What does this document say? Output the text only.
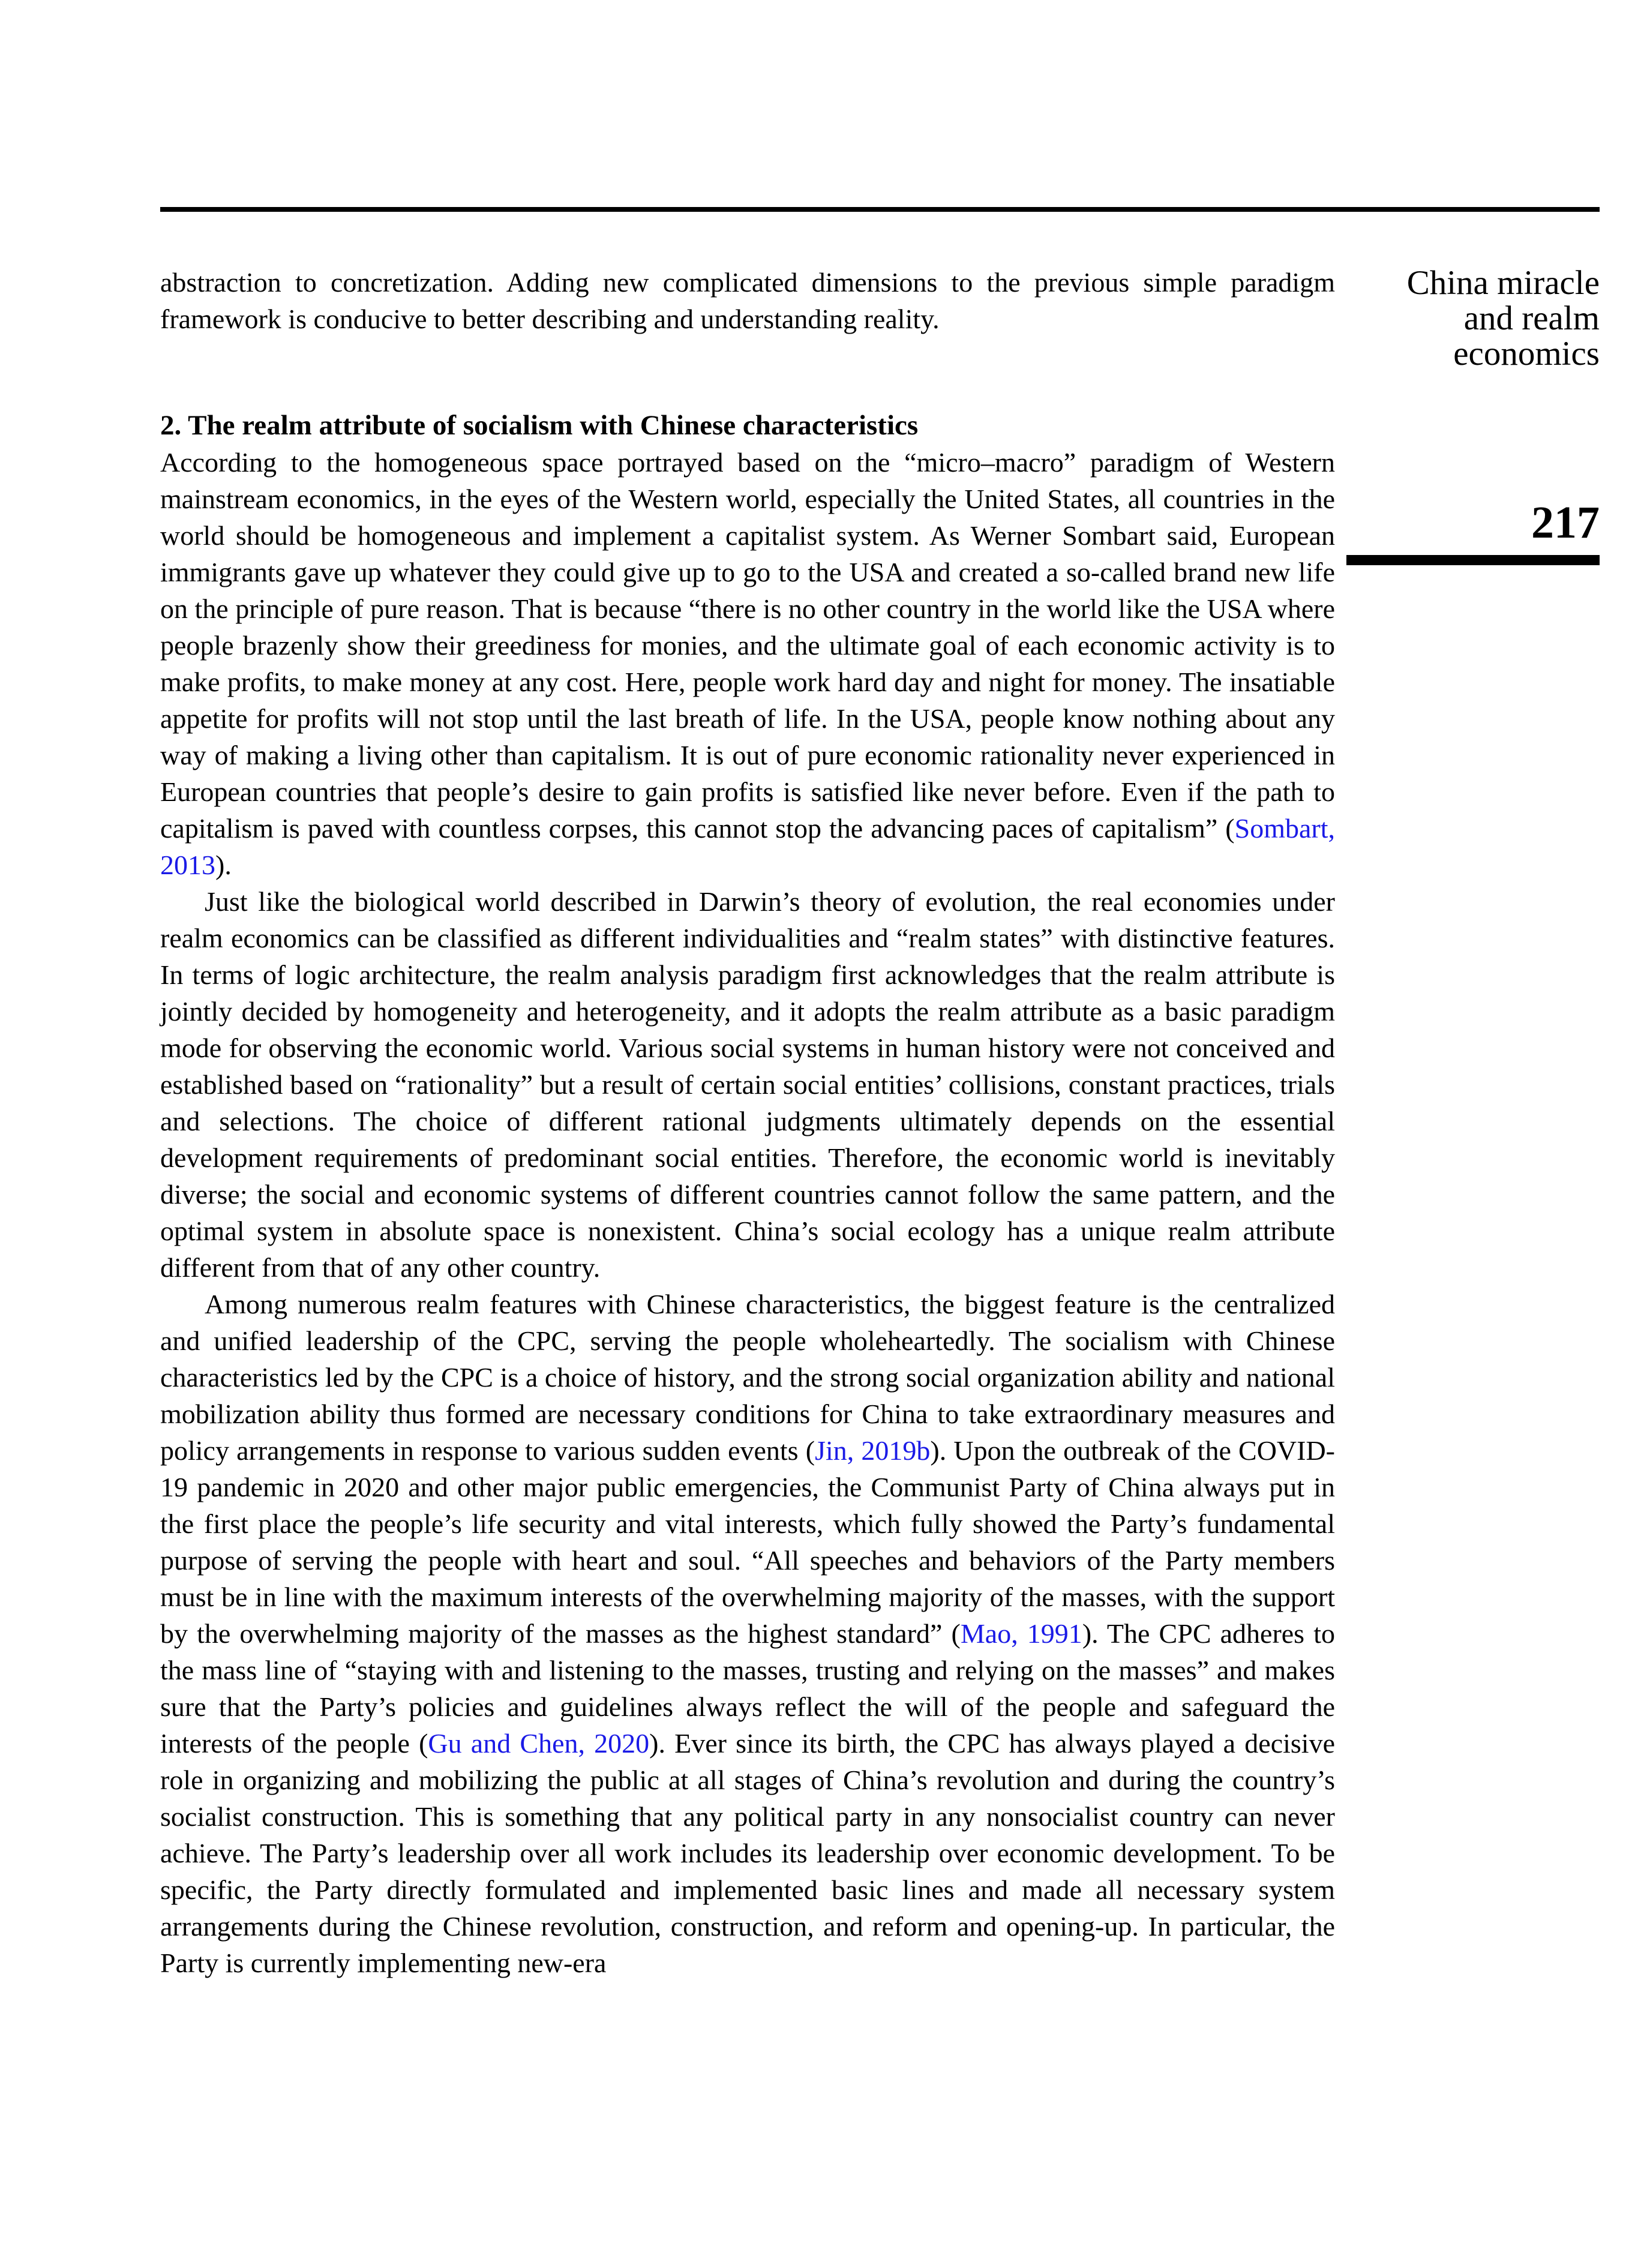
abstraction to concretization. Adding new complicated dimensions to the previous simple paradigm framework is conducive to better describing and understanding reality.

2. The realm attribute of socialism with Chinese characteristics

According to the homogeneous space portrayed based on the “micro–macro” paradigm of Western mainstream economics, in the eyes of the Western world, especially the United States, all countries in the world should be homogeneous and implement a capitalist system. As Werner Sombart said, European immigrants gave up whatever they could give up to go to the USA and created a so-called brand new life on the principle of pure reason. That is because “there is no other country in the world like the USA where people brazenly show their greediness for monies, and the ultimate goal of each economic activity is to make profits, to make money at any cost. Here, people work hard day and night for money. The insatiable appetite for profits will not stop until the last breath of life. In the USA, people know nothing about any way of making a living other than capitalism. It is out of pure economic rationality never experienced in European countries that people’s desire to gain profits is satisfied like never before. Even if the path to capitalism is paved with countless corpses, this cannot stop the advancing paces of capitalism” (Sombart, 2013).

Just like the biological world described in Darwin’s theory of evolution, the real economies under realm economics can be classified as different individualities and “realm states” with distinctive features. In terms of logic architecture, the realm analysis paradigm first acknowledges that the realm attribute is jointly decided by homogeneity and heterogeneity, and it adopts the realm attribute as a basic paradigm mode for observing the economic world. Various social systems in human history were not conceived and established based on “rationality” but a result of certain social entities’ collisions, constant practices, trials and selections. The choice of different rational judgments ultimately depends on the essential development requirements of predominant social entities. Therefore, the economic world is inevitably diverse; the social and economic systems of different countries cannot follow the same pattern, and the optimal system in absolute space is nonexistent. China’s social ecology has a unique realm attribute different from that of any other country.

Among numerous realm features with Chinese characteristics, the biggest feature is the centralized and unified leadership of the CPC, serving the people wholeheartedly. The socialism with Chinese characteristics led by the CPC is a choice of history, and the strong social organization ability and national mobilization ability thus formed are necessary conditions for China to take extraordinary measures and policy arrangements in response to various sudden events (Jin, 2019b). Upon the outbreak of the COVID-19 pandemic in 2020 and other major public emergencies, the Communist Party of China always put in the first place the people’s life security and vital interests, which fully showed the Party’s fundamental purpose of serving the people with heart and soul. “All speeches and behaviors of the Party members must be in line with the maximum interests of the overwhelming majority of the masses, with the support by the overwhelming majority of the masses as the highest standard” (Mao, 1991). The CPC adheres to the mass line of “staying with and listening to the masses, trusting and relying on the masses” and makes sure that the Party’s policies and guidelines always reflect the will of the people and safeguard the interests of the people (Gu and Chen, 2020). Ever since its birth, the CPC has always played a decisive role in organizing and mobilizing the public at all stages of China’s revolution and during the country’s socialist construction. This is something that any political party in any nonsocialist country can never achieve. The Party’s leadership over all work includes its leadership over economic development. To be specific, the Party directly formulated and implemented basic lines and made all necessary system arrangements during the Chinese revolution, construction, and reform and opening-up. In particular, the Party is currently implementing new-era

China miracle
and realm
economics
217
